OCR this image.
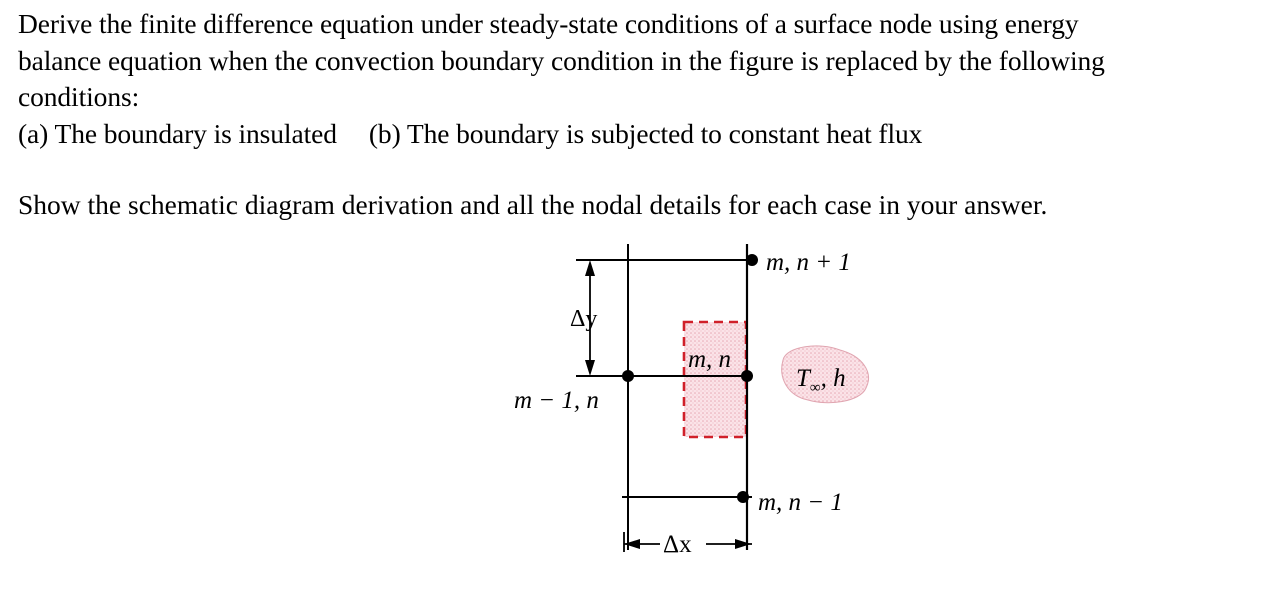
Derive the finite difference equation under steady-state conditions of a surface node using energy

balance equation when the convection boundary condition in the figure is replaced by the following

conditions:

(a) The boundary is insulated (b) The boundary is subjected to constant heat flux
Show the schematic diagram derivation and all the nodal details for each case in your answer.
Δy
Δx
m, n + 1
m, n
m − 1, n
m, n − 1
$T_\infty$, h
